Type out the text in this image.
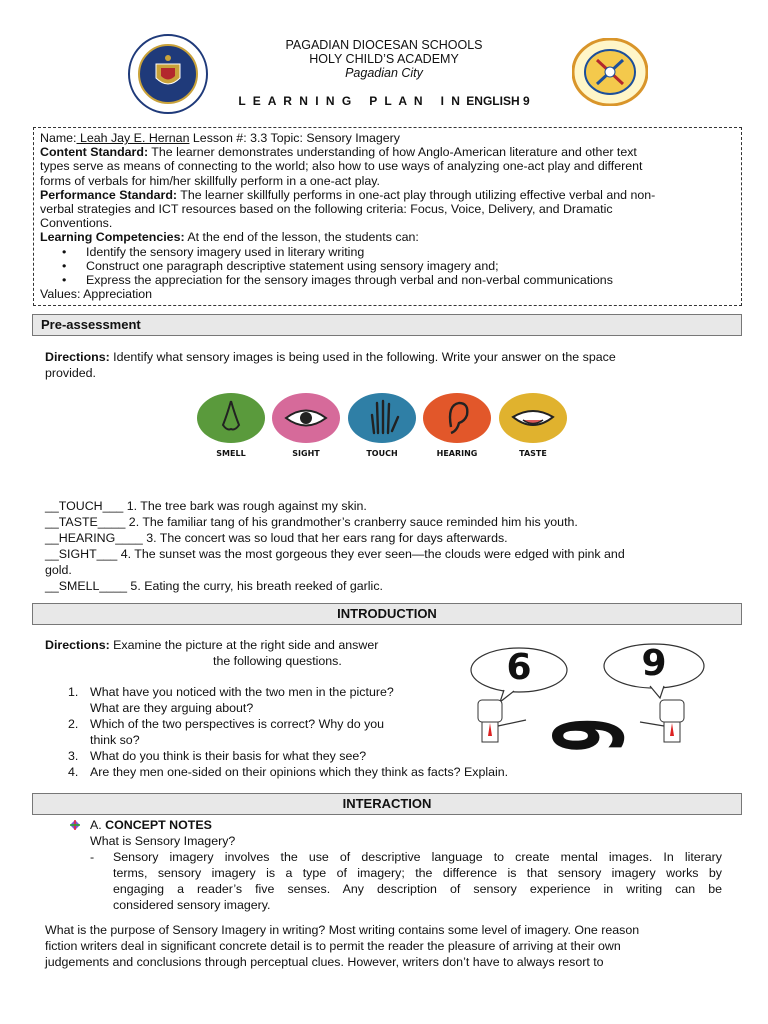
PAGADIAN DIOCESAN SCHOOLS
HOLY CHILD’S ACADEMY
Pagadian City
L E A R N I N G   P L A N   I N ENGLISH 9

Name: Leah Jay E. Hernan Lesson #: 3.3 Topic: Sensory Imagery

Content Standard: The learner demonstrates understanding of how Anglo-American literature and other text

types serve as means of connecting to the world; also how to use ways of analyzing one-act play and different

forms of verbals for him/her skillfully perform in a one-act play.

Performance Standard: The learner skillfully performs in one-act play through utilizing effective verbal and non-

verbal strategies and ICT resources based on the following criteria: Focus, Voice, Delivery, and Dramatic

Conventions.

Learning Competencies: At the end of the lesson, the students can:

• Identify the sensory imagery used in literary writing

• Construct one paragraph descriptive statement using sensory imagery and;

• Express the appreciation for the sensory images through verbal and non-verbal communications

Values: Appreciation

Pre-assessment
Directions: Identify what sensory images is being used in the following. Write your answer on the space
provided.
SMELL	SIGHT	TOUCH	HEARING	TASTE
__TOUCH___ 1. The tree bark was rough against my skin.
__TASTE____ 2. The familiar tang of his grandmother’s cranberry sauce reminded him his youth.
__HEARING____ 3. The concert was so loud that her ears rang for days afterwards.
__SIGHT___ 4. The sunset was the most gorgeous they ever seen—the clouds were edged with pink and
gold.
__SMELL____ 5. Eating the curry, his breath reeked of garlic.
INTRODUCTION
Directions: Examine the picture at the right side and answer
the following questions.
1. What have you noticed with the two men in the picture?
What are they arguing about?
2. Which of the two perspectives is correct? Why do you
think so?
3. What do you think is their basis for what they see?
4. Are they men one-sided on their opinions which they think as facts? Explain.
6	9
6
INTERACTION
A. CONCEPT NOTES
What is Sensory Imagery?
- Sensory imagery involves the use of descriptive language to create mental images. In literary
terms, sensory imagery is a type of imagery; the difference is that sensory imagery works by
engaging a reader’s five senses. Any description of sensory experience in writing can be
considered sensory imagery.
What is the purpose of Sensory Imagery in writing? Most writing contains some level of imagery. One reason
fiction writers deal in significant concrete detail is to permit the reader the pleasure of arriving at their own
judgements and conclusions through perceptual clues. However, writers don’t have to always resort to
